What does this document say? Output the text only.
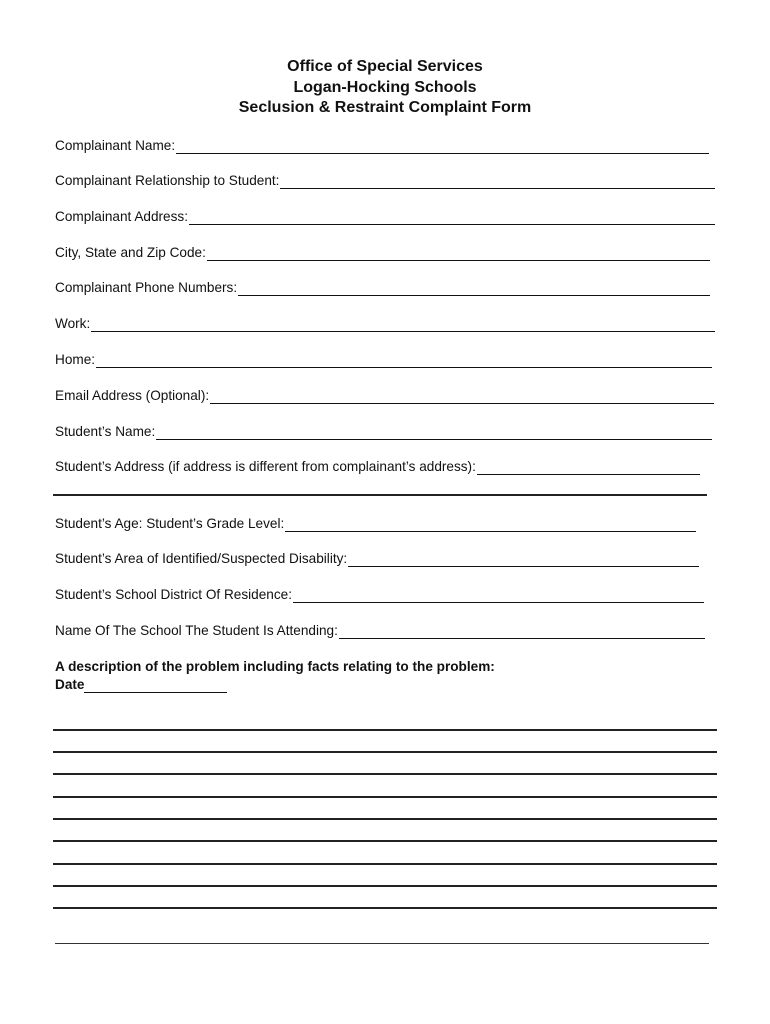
Office of Special Services
Logan-Hocking Schools
Seclusion & Restraint Complaint Form
Complainant Name:
Complainant Relationship to Student:
Complainant Address:
City, State and Zip Code:
Complainant Phone Numbers:
Work:
Home:
Email Address (Optional):
Student’s Name:
Student’s Address (if address is different from complainant’s address):
Student’s Age: Student’s Grade Level:
Student’s Area of Identified/Suspected Disability:
Student’s School District Of Residence:
Name Of The School The Student Is Attending:
A description of the problem including facts relating to the problem:
Date
